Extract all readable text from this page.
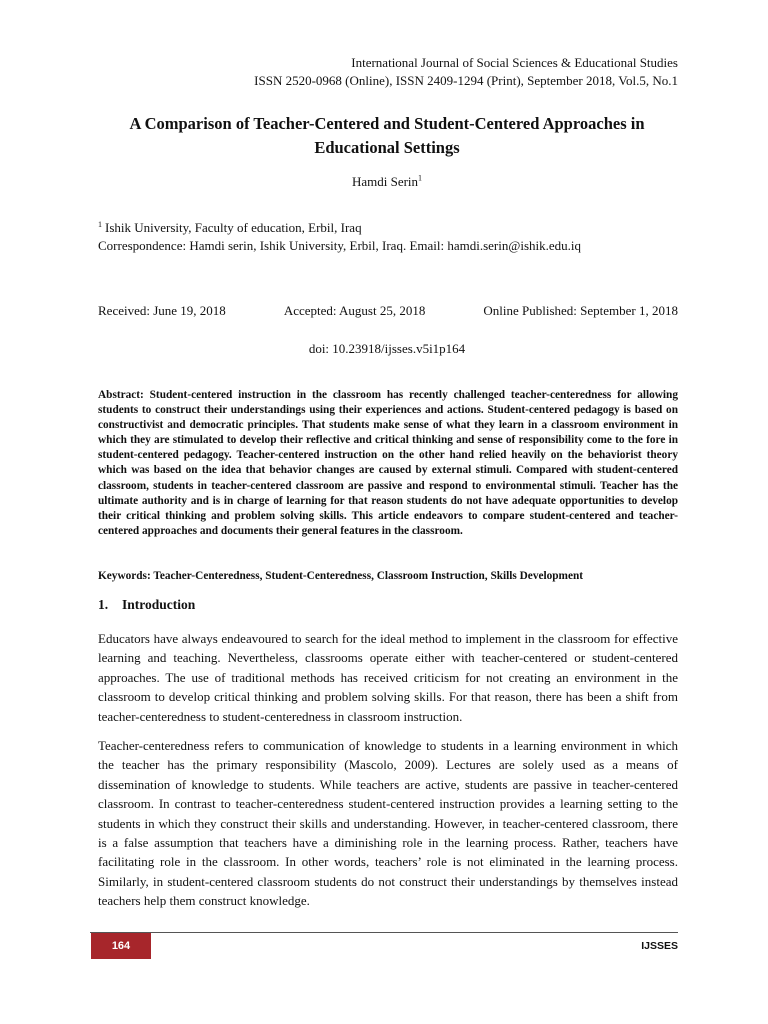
International Journal of Social Sciences & Educational Studies
ISSN 2520-0968 (Online), ISSN 2409-1294 (Print), September 2018, Vol.5, No.1
A Comparison of Teacher-Centered and Student-Centered Approaches in
Educational Settings
Hamdi Serin$^1$
$^1$ Ishik University, Faculty of education, Erbil, Iraq
Correspondence: Hamdi serin, Ishik University, Erbil, Iraq. Email: hamdi.serin@ishik.edu.iq
Received: June 19, 2018	Accepted: August 25, 2018	Online Published: September 1, 2018
doi: 10.23918/ijsses.v5i1p164
Abstract: Student-centered instruction in the classroom has recently challenged teacher-centeredness for allowing students to construct their understandings using their experiences and actions. Student-centered pedagogy is based on constructivist and democratic principles. That students make sense of what they learn in a classroom environment in which they are stimulated to develop their reflective and critical thinking and sense of responsibility come to the fore in student-centered pedagogy. Teacher-centered instruction on the other hand relied heavily on the behaviorist theory which was based on the idea that behavior changes are caused by external stimuli. Compared with student-centered classroom, students in teacher-centered classroom are passive and respond to environmental stimuli. Teacher has the ultimate authority and is in charge of learning for that reason students do not have adequate opportunities to develop their critical thinking and problem solving skills. This article endeavors to compare student-centered and teacher-centered approaches and documents their general features in the classroom.
Keywords: Teacher-Centeredness, Student-Centeredness, Classroom Instruction, Skills Development
1. Introduction
Educators have always endeavoured to search for the ideal method to implement in the classroom for effective learning and teaching. Nevertheless, classrooms operate either with teacher-centered or student-centered approaches. The use of traditional methods has received criticism for not creating an environment in the classroom to develop critical thinking and problem solving skills. For that reason, there has been a shift from teacher-centeredness to student-centeredness in classroom instruction.
Teacher-centeredness refers to communication of knowledge to students in a learning environment in which the teacher has the primary responsibility (Mascolo, 2009). Lectures are solely used as a means of dissemination of knowledge to students. While teachers are active, students are passive in teacher-centered classroom. In contrast to teacher-centeredness student-centered instruction provides a learning setting to the students in which they construct their skills and understanding. However, in teacher-centered classroom, there is a false assumption that teachers have a diminishing role in the learning process. Rather, teachers have facilitating role in the classroom. In other words, teachers’ role is not eliminated in the learning process. Similarly, in student-centered classroom students do not construct their understandings by themselves instead teachers help them construct knowledge.
164	IJSSES
